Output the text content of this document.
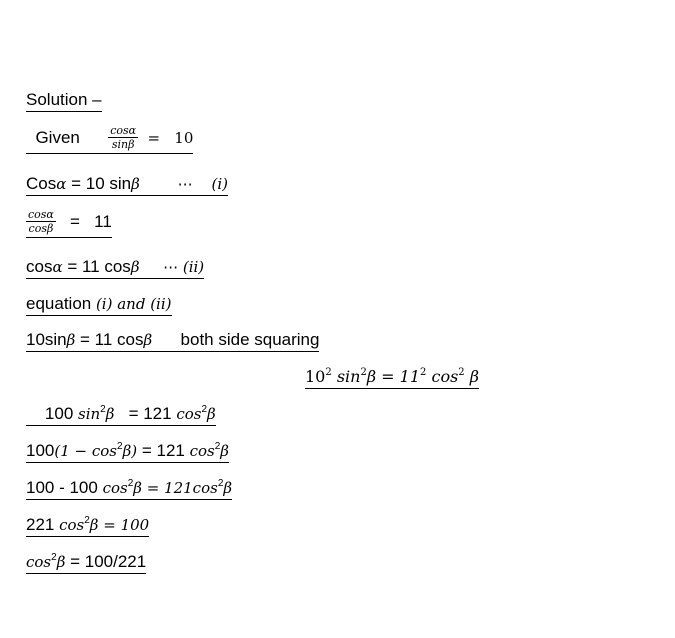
Solution –
Given	$\frac{\cos\alpha}{\sin\beta} = 10$
Cosα = 10 sinβ	⋯ (i)
$\frac{\cos\alpha}{\cos\beta} = 11$
cosα = 11 cosβ ⋯ (ii)
equation (i) and (ii)
10sinβ = 11 cosβ both side squaring
$10^2$ $\sin^2\beta = 11^2$ $\cos^2 \beta$
100 $\sin^2\beta = 121$ $\cos^2\beta$
$100(1 - \cos^2\beta) = 121$ $\cos^2\beta$
100 - 100 $\cos^2\beta = 121\cos^2\beta$
221 $\cos^2\beta = 100$
$\cos^2\beta = 100/221$
